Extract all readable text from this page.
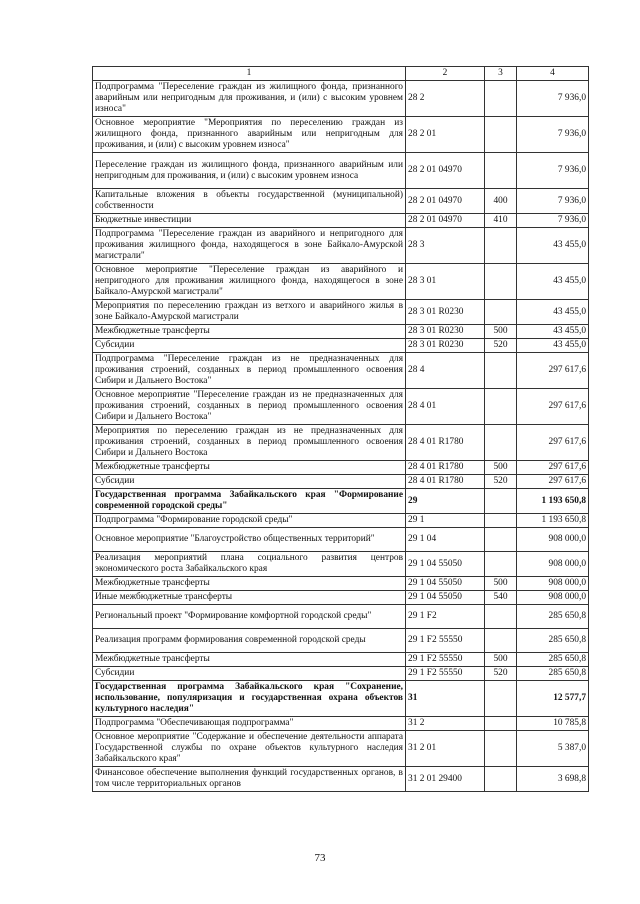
1	2	3	4
Подпрограмма "Переселение граждан из жилищного фонда, признанного аварийным или непригодным для проживания, и (или) с высоким уровнем износа"	28 2		7 936,0
Основное мероприятие "Мероприятия по переселению граждан из жилищного фонда, признанного аварийным или непригодным для проживания, и (или) с высоким уровнем износа"	28 2 01		7 936,0
Переселение граждан из жилищного фонда, признанного аварийным или непригодным для проживания, и (или) с высоким уровнем износа	28 2 01 04970		7 936,0
Капитальные вложения в объекты государственной (муниципальной) собственности	28 2 01 04970	400	7 936,0
Бюджетные инвестиции	28 2 01 04970	410	7 936,0
Подпрограмма "Переселение граждан из аварийного и непригодного для проживания жилищного фонда, находящегося в зоне Байкало-Амурской магистрали"	28 3		43 455,0
Основное мероприятие "Переселение граждан из аварийного и непригодного для проживания жилищного фонда, находящегося в зоне Байкало-Амурской магистрали"	28 3 01		43 455,0
Мероприятия по переселению граждан из ветхого и аварийного жилья в зоне Байкало-Амурской магистрали	28 3 01 R0230		43 455,0
Межбюджетные трансферты	28 3 01 R0230	500	43 455,0
Субсидии	28 3 01 R0230	520	43 455,0
Подпрограмма "Переселение граждан из не предназначенных для проживания строений, созданных в период промышленного освоения Сибири и Дальнего Востока"	28 4		297 617,6
Основное мероприятие "Переселение граждан из не предназначенных для проживания строений, созданных в период промышленного освоения Сибири и Дальнего Востока"	28 4 01		297 617,6
Мероприятия по переселению граждан из не предназначенных для проживания строений, созданных в период промышленного освоения Сибири и Дальнего Востока	28 4 01 R1780		297 617,6
Межбюджетные трансферты	28 4 01 R1780	500	297 617,6
Субсидии	28 4 01 R1780	520	297 617,6
Государственная программа Забайкальского края "Формирование современной городской среды"	29		1 193 650,8
Подпрограмма "Формирование городской среды"	29 1		1 193 650,8
Основное мероприятие "Благоустройство общественных территорий"	29 1 04		908 000,0
Реализация мероприятий плана социального развития центров экономического роста Забайкальского края	29 1 04 55050		908 000,0
Межбюджетные трансферты	29 1 04 55050	500	908 000,0
Иные межбюджетные трансферты	29 1 04 55050	540	908 000,0
Региональный проект "Формирование комфортной городской среды"	29 1 F2		285 650,8
Реализация программ формирования современной городской среды	29 1 F2 55550		285 650,8
Межбюджетные трансферты	29 1 F2 55550	500	285 650,8
Субсидии	29 1 F2 55550	520	285 650,8
Государственная программа Забайкальского края "Сохранение, использование, популяризация и государственная охрана объектов культурного наследия"	31		12 577,7
Подпрограмма "Обеспечивающая подпрограмма"	31 2		10 785,8
Основное мероприятие "Содержание и обеспечение деятельности аппарата Государственной службы по охране объектов культурного наследия Забайкальского края"	31 2 01		5 387,0
Финансовое обеспечение выполнения функций государственных органов, в том числе территориальных органов	31 2 01 29400		3 698,8
73
